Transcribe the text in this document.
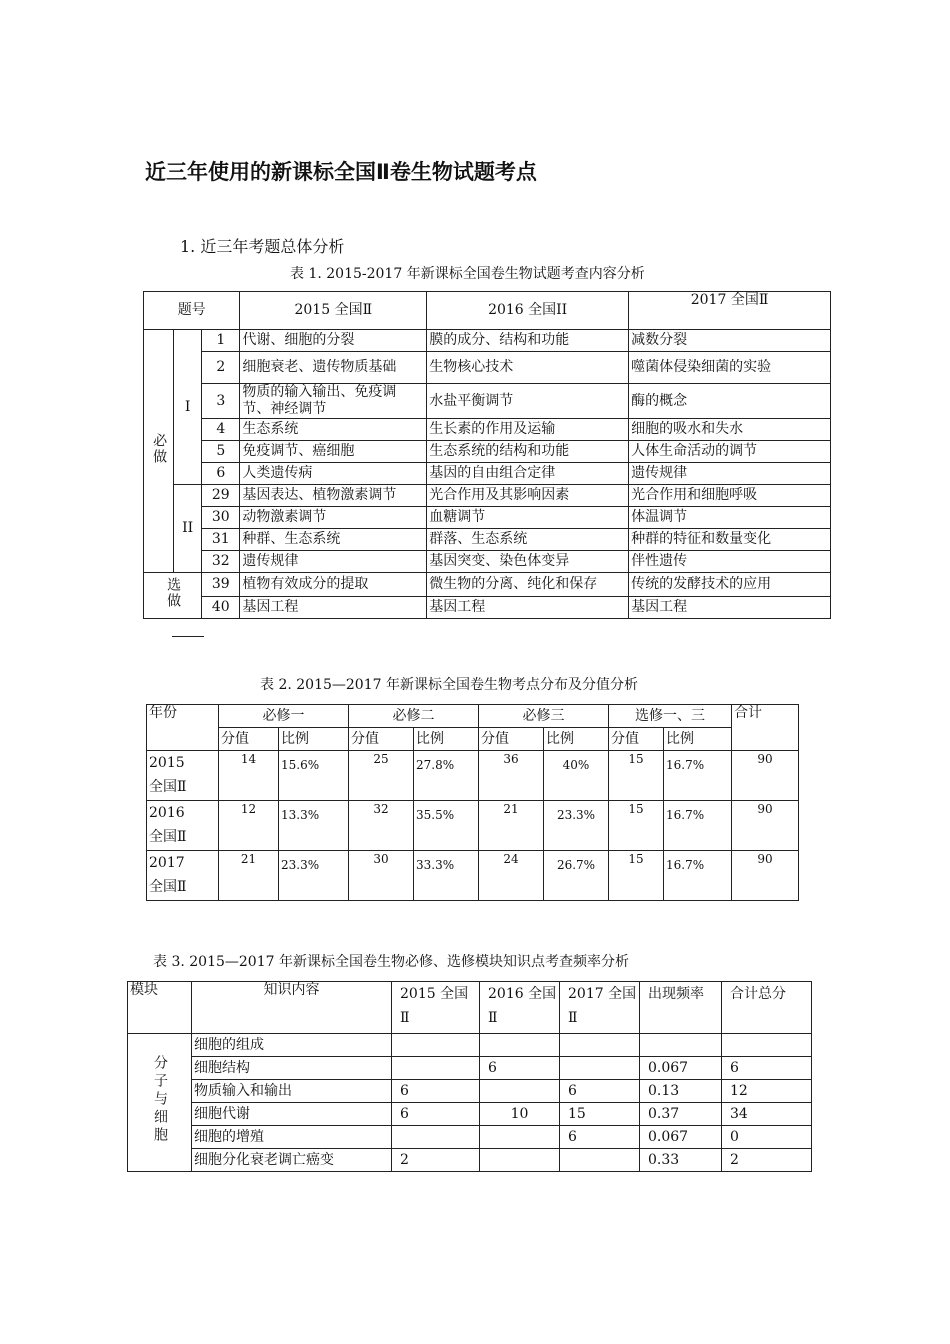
近三年使用的新课标全国Ⅱ卷生物试题考点
1. 近三年考题总体分析
表 1. 2015-2017 年新课标全国卷生物试题考查内容分析
题号			2015 全国Ⅱ	2016 全国II	2017 全国Ⅱ
必做	I	1	代谢、细胞的分裂	膜的成分、结构和功能	减数分裂
		2	细胞衰老、遗传物质基础	生物核心技术	噬菌体侵染细菌的实验
		3	物质的输入输出、免疫调节、神经调节	水盐平衡调节	酶的概念
		4	生态系统	生长素的作用及运输	细胞的吸水和失水
		5	免疫调节、癌细胞	生态系统的结构和功能	人体生命活动的调节
		6	人类遗传病	基因的自由组合定律	遗传规律
	II	29	基因表达、植物激素调节	光合作用及其影响因素	光合作用和细胞呼吸
		30	动物激素调节	血糖调节	体温调节
		31	种群、生态系统	群落、生态系统	种群的特征和数量变化
		32	遗传规律	基因突变、染色体变异	伴性遗传
选做		39	植物有效成分的提取	微生物的分离、纯化和保存	传统的发酵技术的应用
		40	基因工程	基因工程	基因工程
表 2. 2015—2017 年新课标全国卷生物考点分布及分值分析
年份	必修一		必修二		必修三		选修一、三		合计
	分值	比例	分值	比例	分值	比例	分值	比例	
2015
全国Ⅱ	14	15.6%	25	27.8%	36	40%	15	16.7%	90
2016
全国Ⅱ	12	13.3%	32	35.5%	21	23.3%	15	16.7%	90
2017
全国Ⅱ	21	23.3%	30	33.3%	24	26.7%	15	16.7%	90
表 3. 2015—2017 年新课标全国卷生物必修、选修模块知识点考查频率分析
模块	知识内容	2015 全国Ⅱ	2016 全国Ⅱ	2017 全国Ⅱ	出现频率	合计总分
分子与细胞	细胞的组成					
	细胞结构		6		0.067	6
	物质输入和输出	6		6	0.13	12
	细胞代谢	6	10	15	0.37	34
	细胞的增殖			6	0.067	0
	细胞分化衰老调亡癌变	2			0.33	2
